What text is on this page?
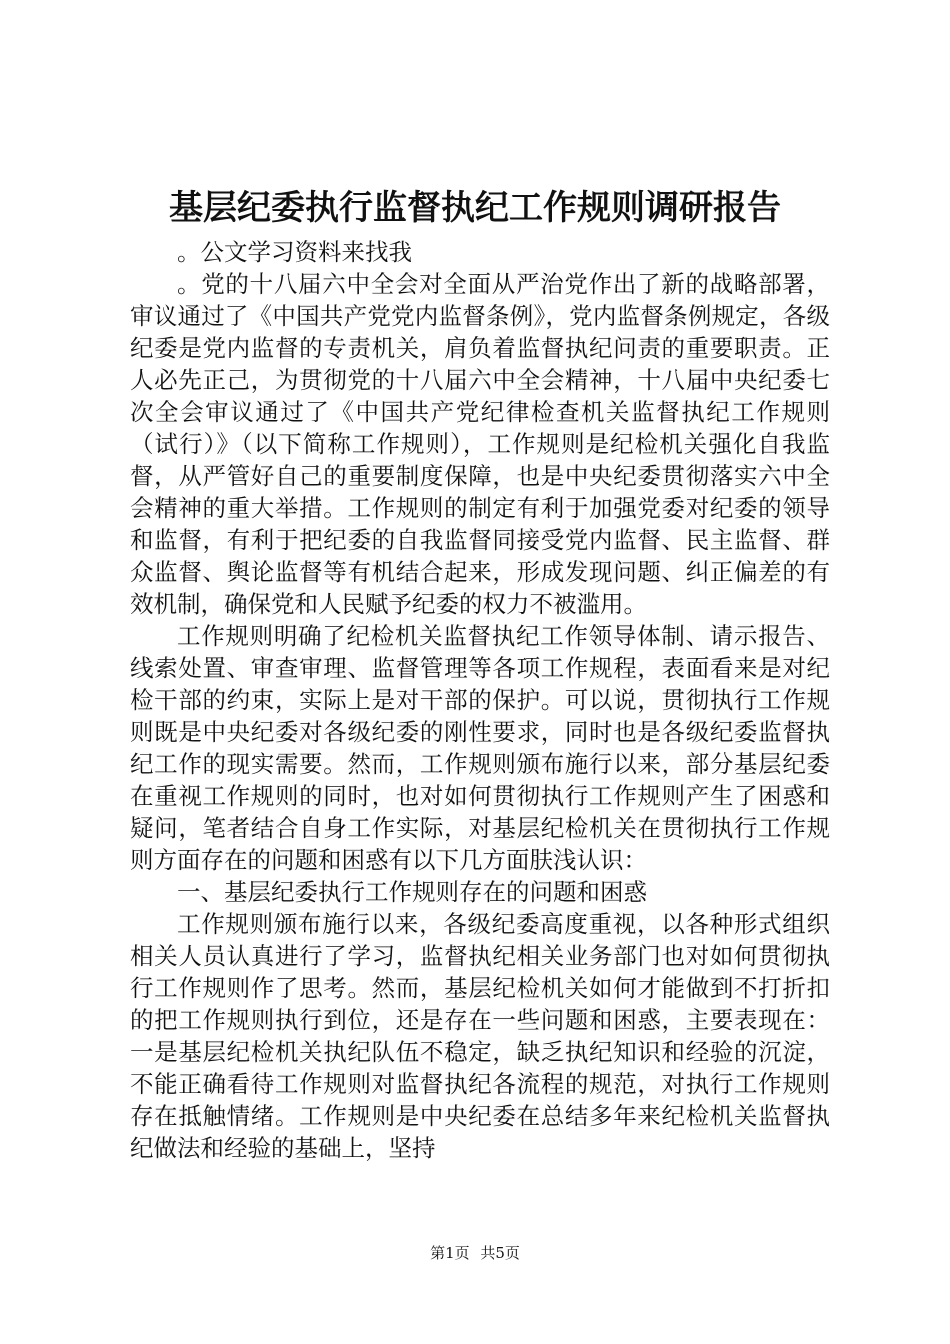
基层纪委执行监督执纪工作规则调研报告

。公文学习资料来找我

。党的十八届六中全会对全面从严治党作出了新的战略部署，审议通过了《中国共产党党内监督条例》，党内监督条例规定，各级纪委是党内监督的专责机关，肩负着监督执纪问责的重要职责。正人必先正己，为贯彻党的十八届六中全会精神，十八届中央纪委七次全会审议通过了《中国共产党纪律检查机关监督执纪工作规则（试行）》（以下简称工作规则），工作规则是纪检机关强化自我监督，从严管好自己的重要制度保障，也是中央纪委贯彻落实六中全会精神的重大举措。工作规则的制定有利于加强党委对纪委的领导和监督，有利于把纪委的自我监督同接受党内监督、民主监督、群众监督、舆论监督等有机结合起来，形成发现问题、纠正偏差的有效机制，确保党和人民赋予纪委的权力不被滥用。

工作规则明确了纪检机关监督执纪工作领导体制、请示报告、线索处置、审查审理、监督管理等各项工作规程，表面看来是对纪检干部的约束，实际上是对干部的保护。可以说，贯彻执行工作规则既是中央纪委对各级纪委的刚性要求，同时也是各级纪委监督执纪工作的现实需要。然而，工作规则颁布施行以来，部分基层纪委在重视工作规则的同时，也对如何贯彻执行工作规则产生了困惑和疑问，笔者结合自身工作实际，对基层纪检机关在贯彻执行工作规则方面存在的问题和困惑有以下几方面肤浅认识：

一、基层纪委执行工作规则存在的问题和困惑

工作规则颁布施行以来，各级纪委高度重视，以各种形式组织相关人员认真进行了学习，监督执纪相关业务部门也对如何贯彻执行工作规则作了思考。然而，基层纪检机关如何才能做到不打折扣的把工作规则执行到位，还是存在一些问题和困惑，主要表现在：一是基层纪检机关执纪队伍不稳定，缺乏执纪知识和经验的沉淀，不能正确看待工作规则对监督执纪各流程的规范，对执行工作规则存在抵触情绪。工作规则是中央纪委在总结多年来纪检机关监督执纪做法和经验的基础上，坚持

第1页 共5页
